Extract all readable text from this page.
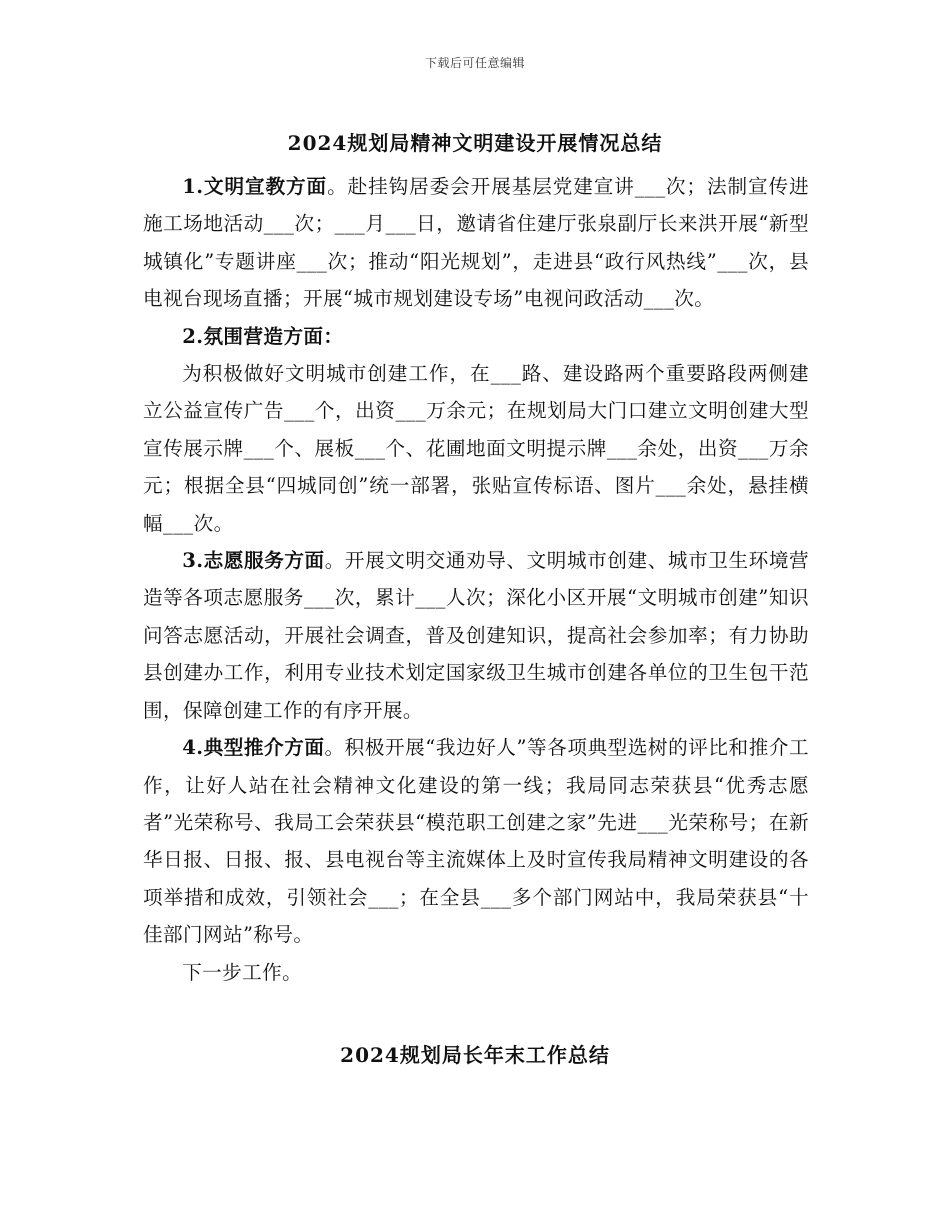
下载后可任意编辑
2024规划局精神文明建设开展情况总结

1.文明宣教方面。赴挂钩居委会开展基层党建宣讲___次；法制宣传进施工场地活动___次；___月___日，邀请省住建厅张泉副厅长来洪开展“新型城镇化”专题讲座___次；推动“阳光规划”，走进县“政行风热线”___次，县电视台现场直播；开展“城市规划建设专场”电视问政活动___次。

2.氛围营造方面：

为积极做好文明城市创建工作，在___路、建设路两个重要路段两侧建立公益宣传广告___个，出资___万余元；在规划局大门口建立文明创建大型宣传展示牌___个、展板___个、花圃地面文明提示牌___余处，出资___万余元；根据全县“四城同创”统一部署，张贴宣传标语、图片___余处，悬挂横幅___次。

3.志愿服务方面。开展文明交通劝导、文明城市创建、城市卫生环境营造等各项志愿服务___次，累计___人次；深化小区开展“文明城市创建”知识问答志愿活动，开展社会调查，普及创建知识，提高社会参加率；有力协助县创建办工作，利用专业技术划定国家级卫生城市创建各单位的卫生包干范围，保障创建工作的有序开展。

4.典型推介方面。积极开展“我边好人”等各项典型选树的评比和推介工作，让好人站在社会精神文化建设的第一线；我局同志荣获县“优秀志愿者”光荣称号、我局工会荣获县“模范职工创建之家”先进___光荣称号；在新华日报、日报、报、县电视台等主流媒体上及时宣传我局精神文明建设的各项举措和成效，引领社会___；在全县___多个部门网站中，我局荣获县“十佳部门网站”称号。

下一步工作。

2024规划局长年末工作总结
